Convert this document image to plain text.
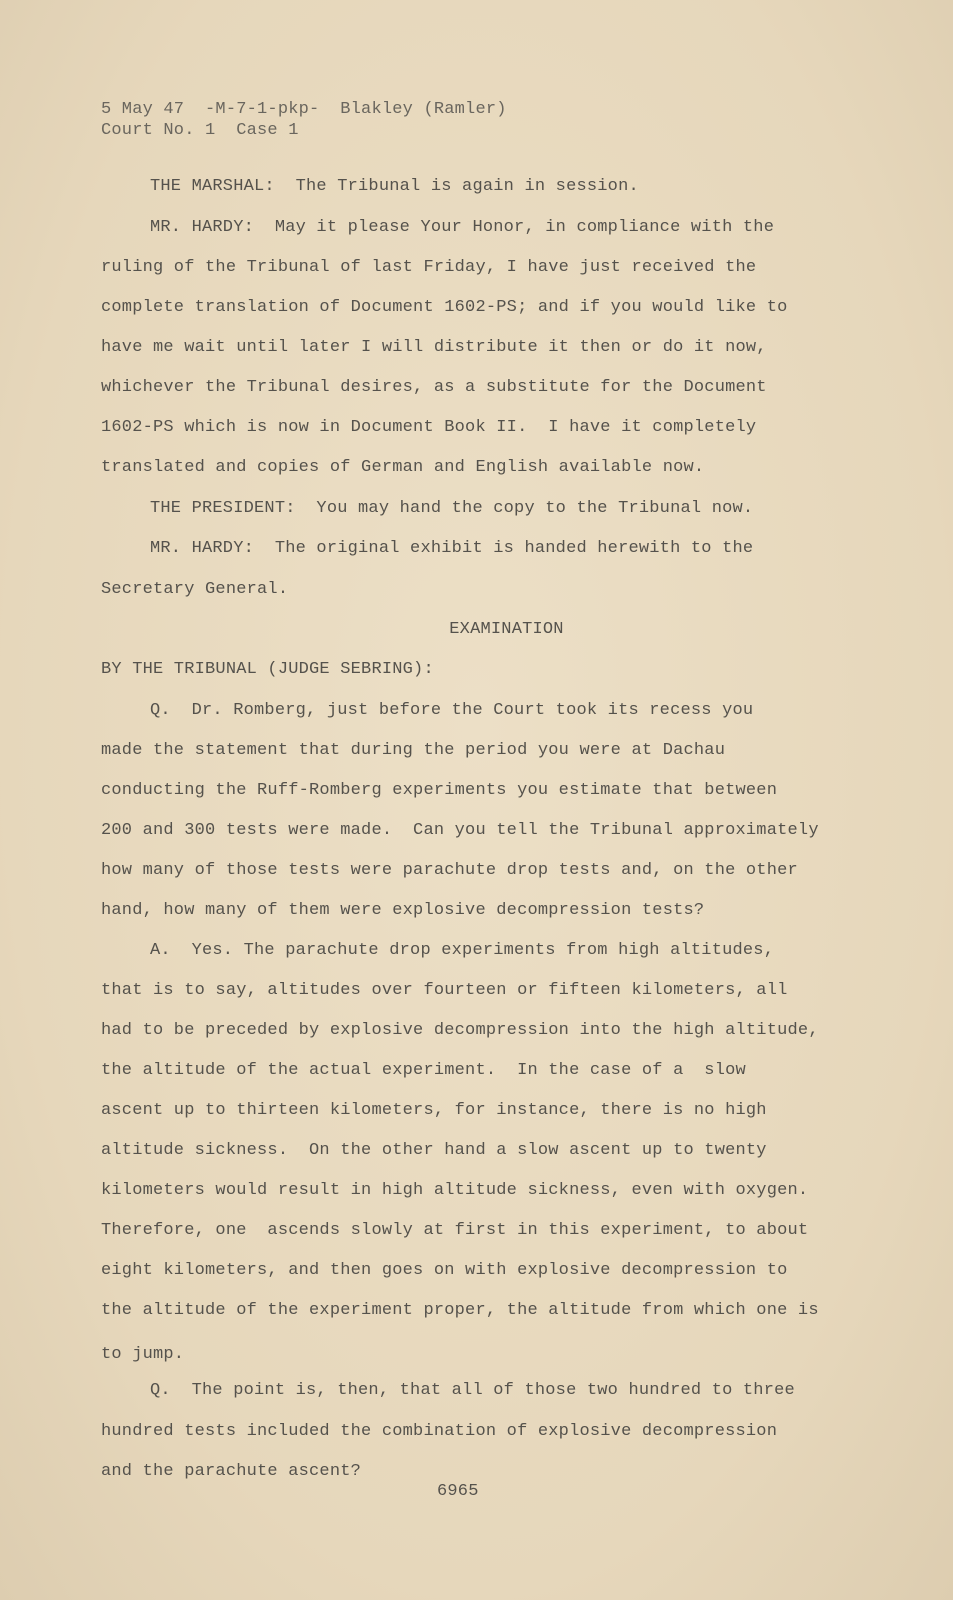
5 May 47  -M-7-1-pkp-  Blakley (Ramler)
Court No. 1  Case 1
THE MARSHAL:  The Tribunal is again in session.
MR. HARDY:  May it please Your Honor, in compliance with the
ruling of the Tribunal of last Friday, I have just received the
complete translation of Document 1602-PS; and if you would like to
have me wait until later I will distribute it then or do it now,
whichever the Tribunal desires, as a substitute for the Document
1602-PS which is now in Document Book II.  I have it completely
translated and copies of German and English available now.
THE PRESIDENT:  You may hand the copy to the Tribunal now.
MR. HARDY:  The original exhibit is handed herewith to the
Secretary General.
EXAMINATION
BY THE TRIBUNAL (JUDGE SEBRING):
Q.  Dr. Romberg, just before the Court took its recess you
made the statement that during the period you were at Dachau
conducting the Ruff-Romberg experiments you estimate that between
200 and 300 tests were made.  Can you tell the Tribunal approximately
how many of those tests were parachute drop tests and, on the other
hand, how many of them were explosive decompression tests?
A.  Yes. The parachute drop experiments from high altitudes,
that is to say, altitudes over fourteen or fifteen kilometers, all
had to be preceded by explosive decompression into the high altitude,
the altitude of the actual experiment.  In the case of a  slow
ascent up to thirteen kilometers, for instance, there is no high
altitude sickness.  On the other hand a slow ascent up to twenty
kilometers would result in high altitude sickness, even with oxygen.
Therefore, one  ascends slowly at first in this experiment, to about
eight kilometers, and then goes on with explosive decompression to
the altitude of the experiment proper, the altitude from which one is
to jump.
Q.  The point is, then, that all of those two hundred to three
hundred tests included the combination of explosive decompression
and the parachute ascent?
6965
